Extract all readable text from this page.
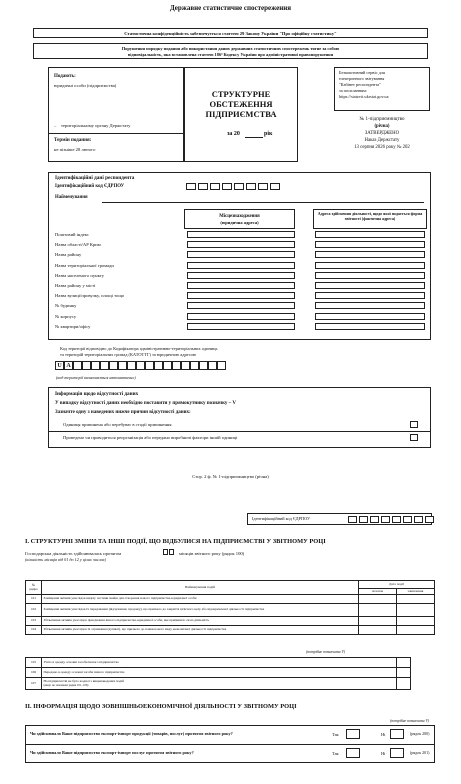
Державне статистичне спостереження
Статистична конфіденційність забезпечується статтею 29 Закону України "Про офіційну статистику"
Порушення порядку подання або використання даних державних статистичних спостережень тягне за собою
відповідальність, яка встановлена статтею 186³ Кодексу України про адміністративні правопорушення
Подають:
юридичні особи (підприємства)
– територіальному органу Держстату
Термін подання:
не пізніше 28 лютого
СТРУКТУРНЕ
ОБСТЕЖЕННЯ
ПІДПРИЄМСТВА
за 20	рік
Безкоштовний сервіс для
електронного звітування
"Кабінет респондента"
за посиланням:
https://statzvit.ukrstat.gov.ua
№ 1-підприємництво
(річна)
ЗАТВЕРДЖЕНО
Наказ Держстату
13 серпня 2026 року № 202
Ідентифікаційні дані респондента
Ідентифікаційний код ЄДРПОУ
Найменування
Місцезнаходження
(юридична адреса)
Адреса здійснення діяльності, щодо якої подається форма звітності (фактична адреса)
Поштовий індекс
Назва області/АР Крим
Назва району
Назва територіальної громади
Назва населеного пункту
Назва району у місті
Назва вулиці/провулку, площі тощо
№ будинку
№ корпусу
№ квартири/офісу
Код території відповідно до Кодифікатора адміністративно-територіальних одиниць
та територій територіальних громад (КАТОТТГ) за юридичною адресою
U A
(код території визначається автоматично)
Інформація щодо відсутності даних
У випадку відсутності даних необхідно поставити у прямокутнику позначку – V
Зазначте одну з наведених нижче причин відсутності даних:
Одиниця припинена або перебуває в стадії припинення
Проведено чи проводиться реорганізація або передано виробничі фактори іншій одиниці
Стор. 2 ф. № 1-підприємництво (річна)
Ідентифікаційний код ЄДРПОУ
I. СТРУКТУРНІ ЗМІНИ ТА ІНШІ ПОДІЇ, ЩО ВІДБУЛИСЯ НА ПІДПРИЄМСТВІ У ЗВІТНОМУ РОЦІ
Господарська діяльність здійснювалась протягом	місяців звітного року (рядок 100)
(кількість місяців від 01 до 12 у цілих числах)
№ рядка	Найменування подій	Дата події	
		початок	закінчення
101	Заміщення активів унаслідок виділу частини майна для створення нового підприємства-юридичної особи		
102	Заміщення активів унаслідок їх передавання (відчуження, продажу), що призвело до закриття цілісного цеху або відокремленої діяльності підприємства		
103	Збільшення активів унаслідок приєднання іншого підприємства-юридичної особи, яке припинило свою діяльність		
104	Збільшення активів унаслідок їх отримання (купівлі), що призвело до появи нового виду економічної діяльності підприємства		
(потрібне позначити V)
105	Узято в оренду основні засоби іншого підприємства	

106	Передано в оренду основні засоби іншого підприємства	

107	На підприємстві не було жодної з вищенаведених подій
(якщо не заповнені рядки 101–106)	

II. ІНФОРМАЦІЯ ЩОДО ЗОВНІШНЬОЕКОНОМІЧНОЇ ДІЯЛЬНОСТІ У ЗВІТНОМУ РОЦІ
(потрібне позначити V)
Чи здійснювало Ваше підприємство експорт-імпорт продукції (товарів, послуг) протягом звітного року?	Так	Ні	(рядок 200)
Чи здійснювало Ваше підприємство експорт-імпорт послуг протягом звітного року?	Так	Ні	(рядок 201)
